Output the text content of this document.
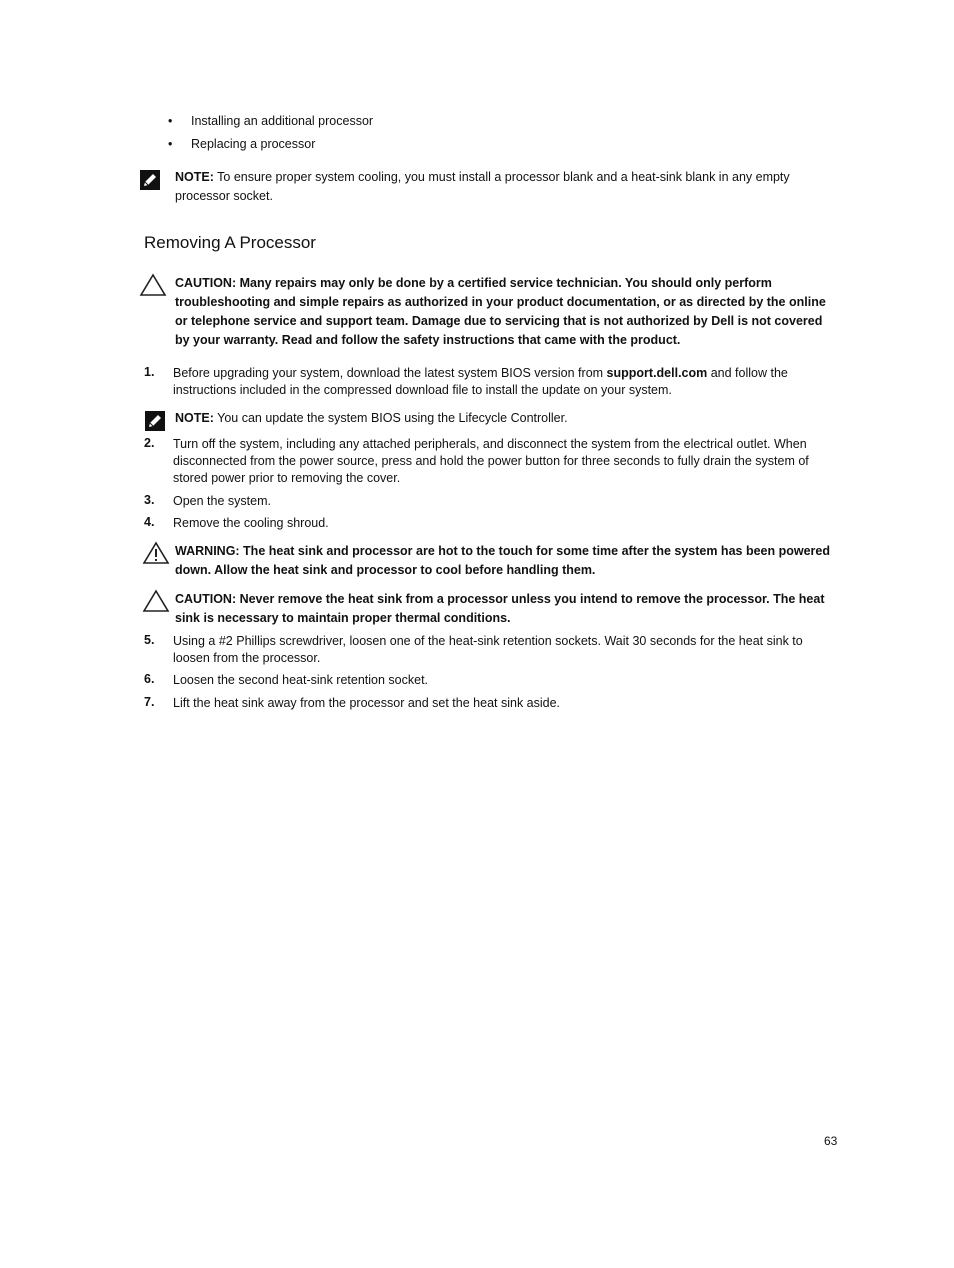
• Installing an additional processor
• Replacing a processor
NOTE: To ensure proper system cooling, you must install a processor blank and a heat-sink blank in any empty processor socket.
Removing A Processor
CAUTION: Many repairs may only be done by a certified service technician. You should only perform troubleshooting and simple repairs as authorized in your product documentation, or as directed by the online or telephone service and support team. Damage due to servicing that is not authorized by Dell is not covered by your warranty. Read and follow the safety instructions that came with the product.
1. Before upgrading your system, download the latest system BIOS version from support.dell.com and follow the instructions included in the compressed download file to install the update on your system.
NOTE: You can update the system BIOS using the Lifecycle Controller.
2. Turn off the system, including any attached peripherals, and disconnect the system from the electrical outlet. When disconnected from the power source, press and hold the power button for three seconds to fully drain the system of stored power prior to removing the cover.
3. Open the system.
4. Remove the cooling shroud.
WARNING: The heat sink and processor are hot to the touch for some time after the system has been powered down. Allow the heat sink and processor to cool before handling them.
CAUTION: Never remove the heat sink from a processor unless you intend to remove the processor. The heat sink is necessary to maintain proper thermal conditions.
5. Using a #2 Phillips screwdriver, loosen one of the heat-sink retention sockets. Wait 30 seconds for the heat sink to loosen from the processor.
6. Loosen the second heat-sink retention socket.
7. Lift the heat sink away from the processor and set the heat sink aside.
63
